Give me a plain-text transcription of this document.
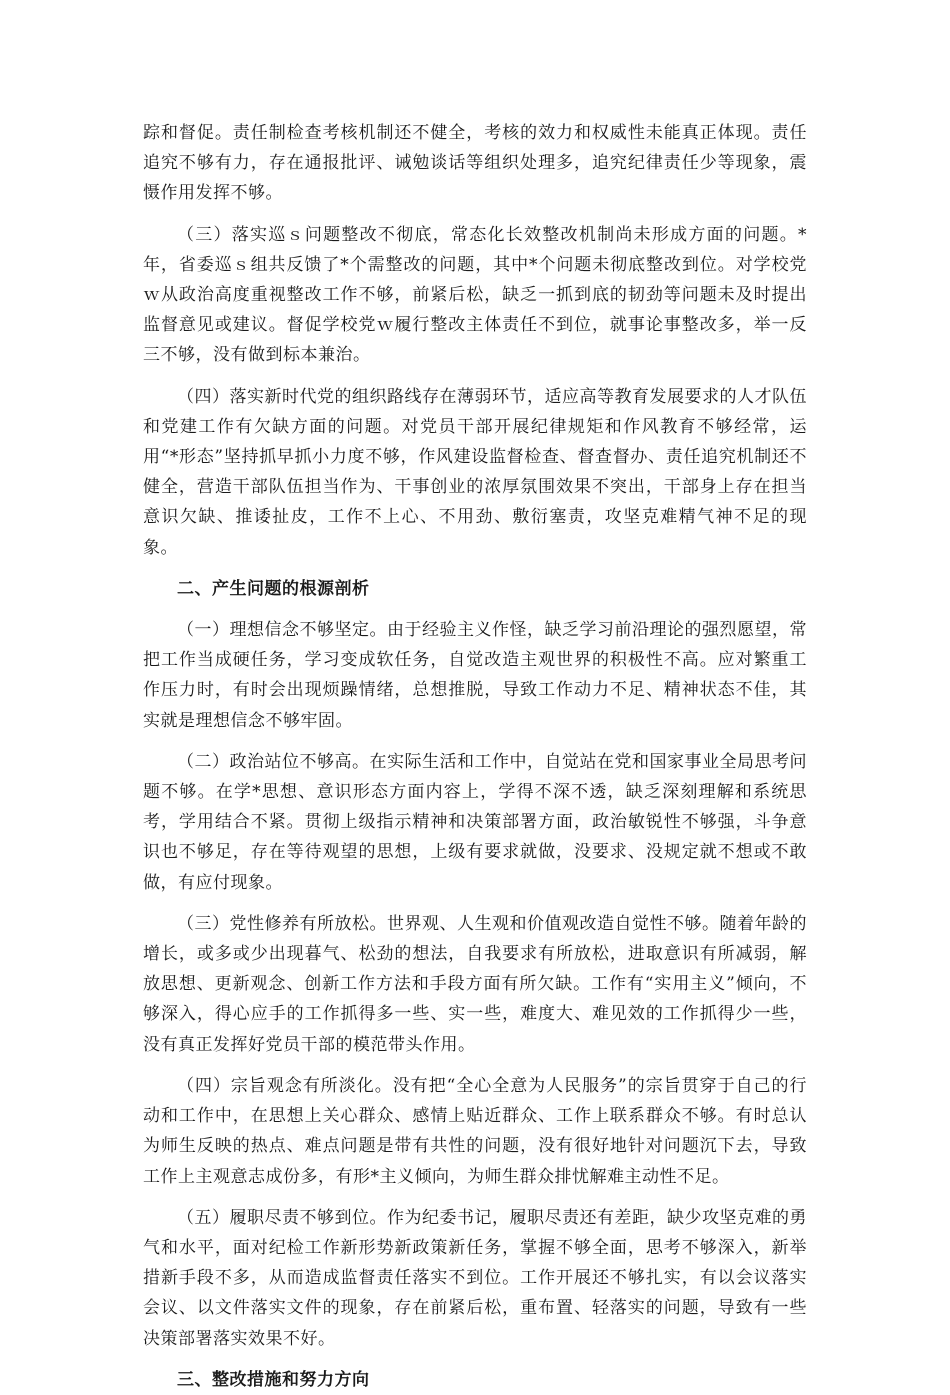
踪和督促。责任制检查考核机制还不健全，考核的效力和权威性未能真正体现。责任追究不够有力，存在通报批评、诫勉谈话等组织处理多，追究纪律责任少等现象，震慑作用发挥不够。

（三）落实巡ｓ问题整改不彻底，常态化长效整改机制尚未形成方面的问题。*年，省委巡ｓ组共反馈了*个需整改的问题，其中*个问题未彻底整改到位。对学校党ｗ从政治高度重视整改工作不够，前紧后松，缺乏一抓到底的韧劲等问题未及时提出监督意见或建议。督促学校党ｗ履行整改主体责任不到位，就事论事整改多，举一反三不够，没有做到标本兼治。

（四）落实新时代党的组织路线存在薄弱环节，适应高等教育发展要求的人才队伍和党建工作有欠缺方面的问题。对党员干部开展纪律规矩和作风教育不够经常，运用“*形态”坚持抓早抓小力度不够，作风建设监督检查、督查督办、责任追究机制还不健全，营造干部队伍担当作为、干事创业的浓厚氛围效果不突出，干部身上存在担当意识欠缺、推诿扯皮，工作不上心、不用劲、敷衍塞责，攻坚克难精气神不足的现象。

二、产生问题的根源剖析

（一）理想信念不够坚定。由于经验主义作怪，缺乏学习前沿理论的强烈愿望，常把工作当成硬任务，学习变成软任务，自觉改造主观世界的积极性不高。应对繁重工作压力时，有时会出现烦躁情绪，总想推脱，导致工作动力不足、精神状态不佳，其实就是理想信念不够牢固。

（二）政治站位不够高。在实际生活和工作中，自觉站在党和国家事业全局思考问题不够。在学*思想、意识形态方面内容上，学得不深不透，缺乏深刻理解和系统思考，学用结合不紧。贯彻上级指示精神和决策部署方面，政治敏锐性不够强，斗争意识也不够足，存在等待观望的思想，上级有要求就做，没要求、没规定就不想或不敢做，有应付现象。

（三）党性修养有所放松。世界观、人生观和价值观改造自觉性不够。随着年龄的增长，或多或少出现暮气、松劲的想法，自我要求有所放松，进取意识有所减弱，解放思想、更新观念、创新工作方法和手段方面有所欠缺。工作有“实用主义”倾向，不够深入，得心应手的工作抓得多一些、实一些，难度大、难见效的工作抓得少一些，没有真正发挥好党员干部的模范带头作用。

（四）宗旨观念有所淡化。没有把“全心全意为人民服务”的宗旨贯穿于自己的行动和工作中，在思想上关心群众、感情上贴近群众、工作上联系群众不够。有时总认为师生反映的热点、难点问题是带有共性的问题，没有很好地针对问题沉下去，导致工作上主观意志成份多，有形*主义倾向，为师生群众排忧解难主动性不足。

（五）履职尽责不够到位。作为纪委书记，履职尽责还有差距，缺少攻坚克难的勇气和水平，面对纪检工作新形势新政策新任务，掌握不够全面，思考不够深入，新举措新手段不多，从而造成监督责任落实不到位。工作开展还不够扎实，有以会议落实会议、以文件落实文件的现象，存在前紧后松，重布置、轻落实的问题，导致有一些决策部署落实效果不好。

三、整改措施和努力方向
